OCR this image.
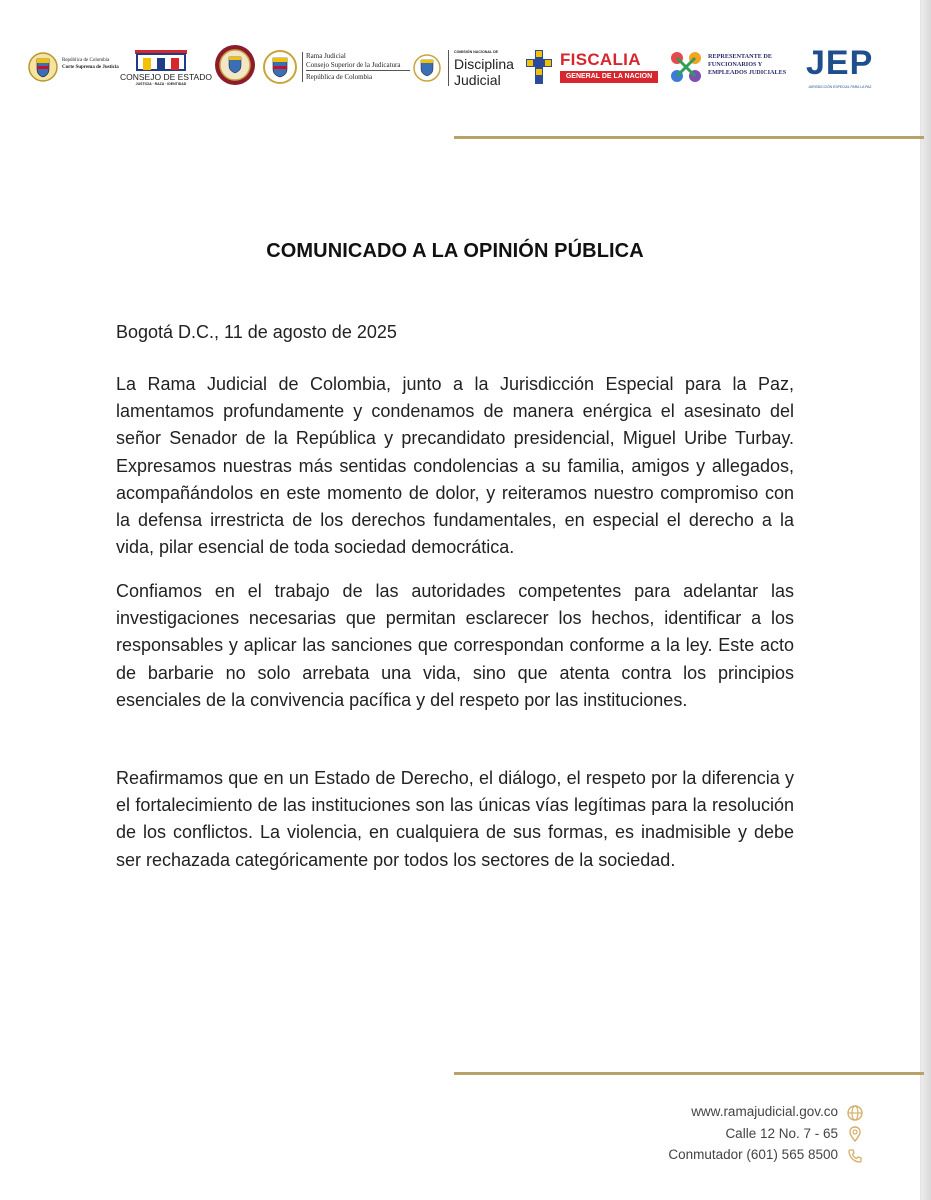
República de Colombia
Corte Suprema de Justicia
CONSEJO DE ESTADO
JUSTICIA · RAZA · IDENTIDAD
Rama Judicial
Consejo Superior de la Judicatura
República de Colombia
COMISIÓN NACIONAL DE
Disciplina
Judicial
FISCALIA
GENERAL DE LA NACION
REPRESENTANTE DE
FUNCIONARIOS Y
EMPLEADOS JUDICIALES JEP
JURISDICCIÓN ESPECIAL PARA LA PAZ
COMUNICADO A LA OPINIÓN PÚBLICA
Bogotá D.C., 11 de agosto de 2025

La Rama Judicial de Colombia, junto a la Jurisdicción Especial para la Paz, lamentamos profundamente y condenamos de manera enérgica el asesinato del señor Senador de la República y precandidato presidencial, Miguel Uribe Turbay. Expresamos nuestras más sentidas condolencias a su familia, amigos y allegados, acompañándolos en este momento de dolor, y reiteramos nuestro compromiso con la defensa irrestricta de los derechos fundamentales, en especial el derecho a la vida, pilar esencial de toda sociedad democrática.

Confiamos en el trabajo de las autoridades competentes para adelantar las investigaciones necesarias que permitan esclarecer los hechos, identificar a los responsables y aplicar las sanciones que correspondan conforme a la ley. Este acto de barbarie no solo arrebata una vida, sino que atenta contra los principios esenciales de la convivencia pacífica y del respeto por las instituciones.

Reafirmamos que en un Estado de Derecho, el diálogo, el respeto por la diferencia y el fortalecimiento de las instituciones son las únicas vías legítimas para la resolución de los conflictos. La violencia, en cualquiera de sus formas, es inadmisible y debe ser rechazada categóricamente por todos los sectores de la sociedad.

www.ramajudicial.gov.co
Calle 12 No. 7 - 65
Conmutador (601) 565 8500
